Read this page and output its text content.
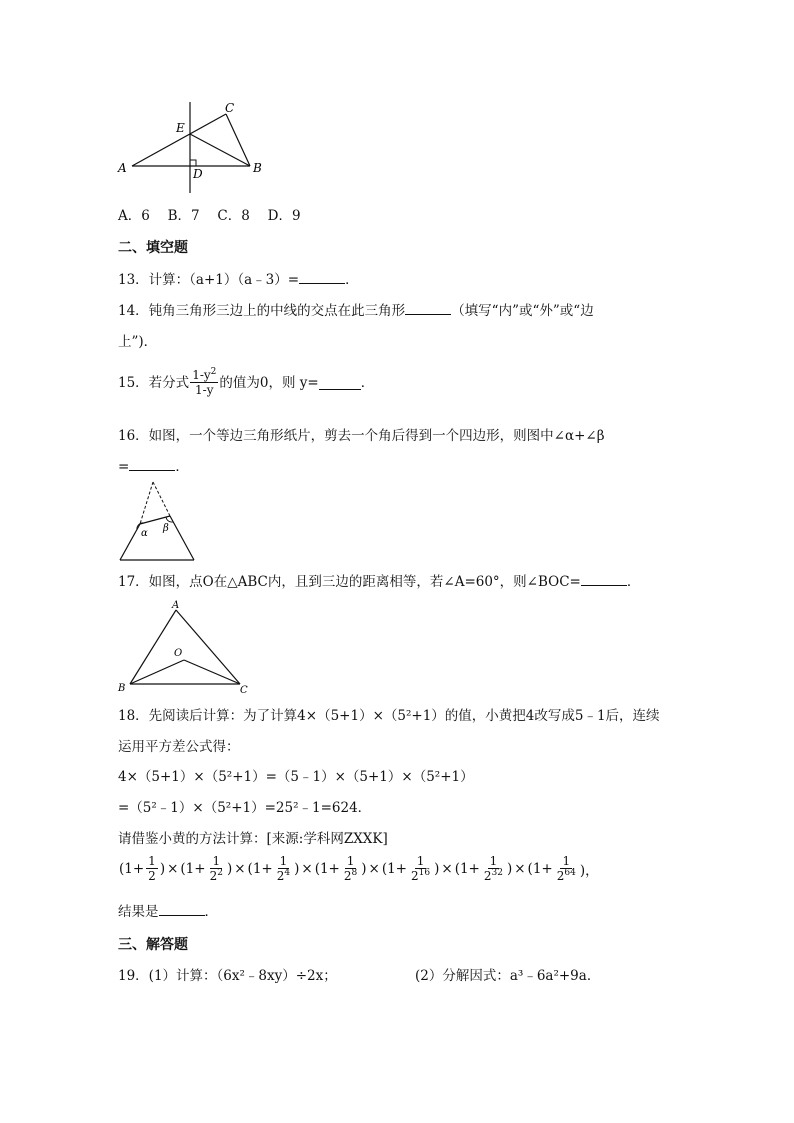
A	B
C
D
E
A．6　 B．7　 C．8　 D．9
二、填空题
13．计算：（a+1）（a﹣3）=	．
14．钝角三角形三边上的中线的交点在此三角形	（填写“内”或“外”或“边
上”)．
15．若分式 $\frac{1-y^2}{1-y}$ 的值为0，则 y=	．
16．如图，一个等边三角形纸片，剪去一个角后得到一个四边形，则图中∠α+∠β
=	．
α β
17．如图，点O在△ABC内，且到三边的距离相等，若∠A=60°，则∠BOC=	．
A
B	C
O
18．先阅读后计算：为了计算4×（5+1）×（5²+1）的值，小黄把4改写成5﹣1后，连续
运用平方差公式得：
4×（5+1）×（5²+1）=（5﹣1）×（5+1）×（5²+1）
=（5²﹣1）×（5²+1）=25²﹣1=624．
请借鉴小黄的方法计算：[来源:学科网ZXXK]
($1+ \frac{1}{2}$ ) × ($1+ \frac{1}{2^2}$ ) × ($1+ \frac{1}{2^4}$ ) × ($1+ \frac{1}{2^8}$ ) × ($1+ \frac{1}{2^{16}}$ ) × ($1+ \frac{1}{2^{32}}$ ) × ($1+ \frac{1}{2^{64}}$ )，
结果是	．
三、解答题
19．(1）计算：（6x²﹣8xy）÷2x；	(2）分解因式：a³﹣6a²+9a．
